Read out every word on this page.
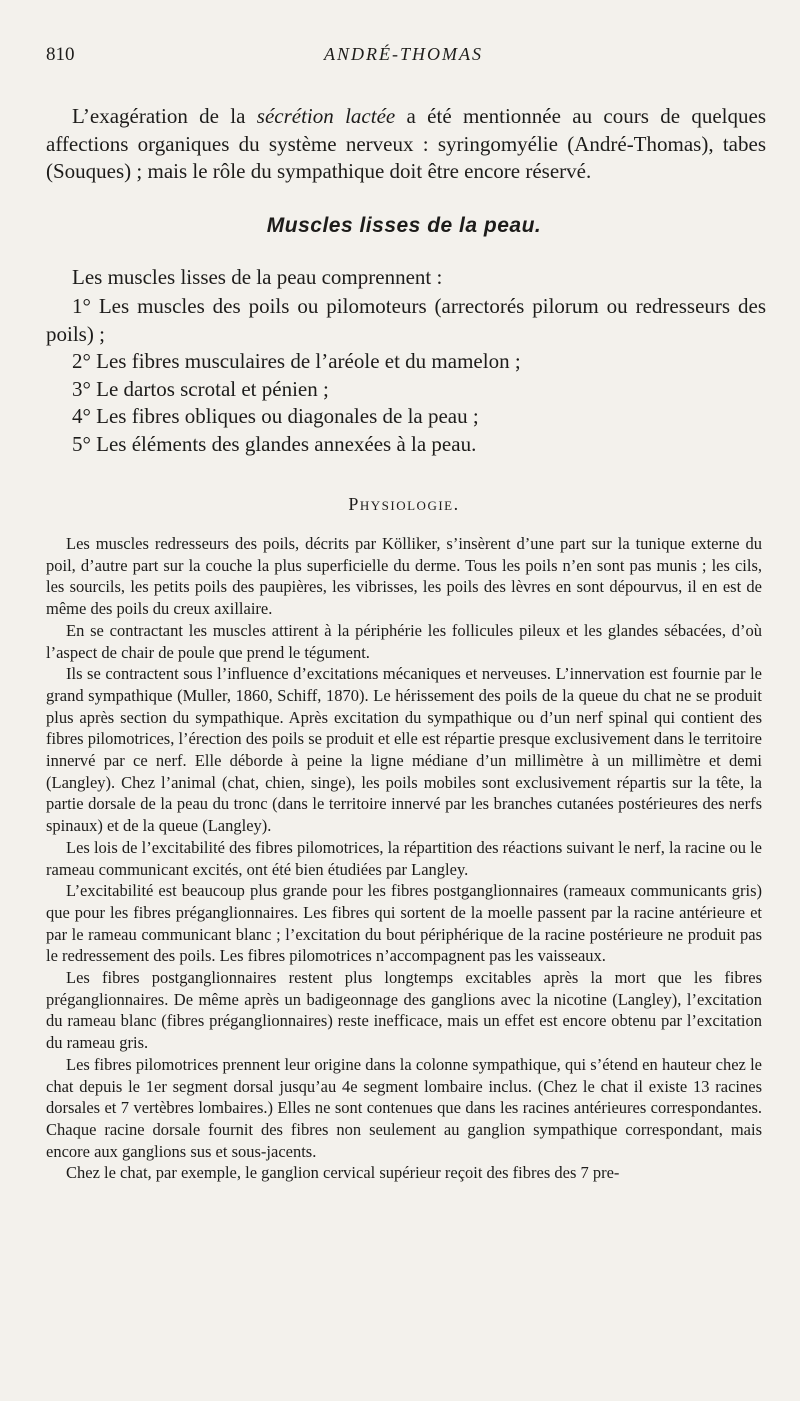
810	ANDRÉ-THOMAS

L’exagération de la sécrétion lactée a été mentionnée au cours de quelques affections organiques du système nerveux : syringomyélie (André-Thomas), tabes (Souques) ; mais le rôle du sympathique doit être encore réservé.

Muscles lisses de la peau.

Les muscles lisses de la peau comprennent :

1° Les muscles des poils ou pilomoteurs (arrectorés pilorum ou redresseurs des poils) ;
2° Les fibres musculaires de l’aréole et du mamelon ;
3° Le dartos scrotal et pénien ;
4° Les fibres obliques ou diagonales de la peau ;
5° Les éléments des glandes annexées à la peau.
Physiologie.

Les muscles redresseurs des poils, décrits par Kölliker, s’insèrent d’une part sur la tunique externe du poil, d’autre part sur la couche la plus superficielle du derme. Tous les poils n’en sont pas munis ; les cils, les sourcils, les petits poils des paupières, les vibrisses, les poils des lèvres en sont dépourvus, il en est de même des poils du creux axillaire.

En se contractant les muscles attirent à la périphérie les follicules pileux et les glandes sébacées, d’où l’aspect de chair de poule que prend le tégument.

Ils se contractent sous l’influence d’excitations mécaniques et nerveuses. L’innervation est fournie par le grand sympathique (Muller, 1860, Schiff, 1870). Le hérissement des poils de la queue du chat ne se produit plus après section du sympathique. Après excitation du sympathique ou d’un nerf spinal qui contient des fibres pilomotrices, l’érection des poils se produit et elle est répartie presque exclusivement dans le territoire innervé par ce nerf. Elle déborde à peine la ligne médiane d’un millimètre à un millimètre et demi (Langley). Chez l’animal (chat, chien, singe), les poils mobiles sont exclusivement répartis sur la tête, la partie dorsale de la peau du tronc (dans le territoire innervé par les branches cutanées postérieures des nerfs spinaux) et de la queue (Langley).

Les lois de l’excitabilité des fibres pilomotrices, la répartition des réactions suivant le nerf, la racine ou le rameau communicant excités, ont été bien étudiées par Langley.

L’excitabilité est beaucoup plus grande pour les fibres postganglionnaires (rameaux communicants gris) que pour les fibres préganglionnaires. Les fibres qui sortent de la moelle passent par la racine antérieure et par le rameau communicant blanc ; l’excitation du bout périphérique de la racine postérieure ne produit pas le redressement des poils. Les fibres pilomotrices n’accompagnent pas les vaisseaux.

Les fibres postganglionnaires restent plus longtemps excitables après la mort que les fibres préganglionnaires. De même après un badigeonnage des ganglions avec la nicotine (Langley), l’excitation du rameau blanc (fibres préganglionnaires) reste inefficace, mais un effet est encore obtenu par l’excitation du rameau gris.

Les fibres pilomotrices prennent leur origine dans la colonne sympathique, qui s’étend en hauteur chez le chat depuis le 1er segment dorsal jusqu’au 4e segment lombaire inclus. (Chez le chat il existe 13 racines dorsales et 7 vertèbres lombaires.) Elles ne sont contenues que dans les racines antérieures correspondantes. Chaque racine dorsale fournit des fibres non seulement au ganglion sympathique correspondant, mais encore aux ganglions sus et sous-jacents.

Chez le chat, par exemple, le ganglion cervical supérieur reçoit des fibres des 7 pre-
